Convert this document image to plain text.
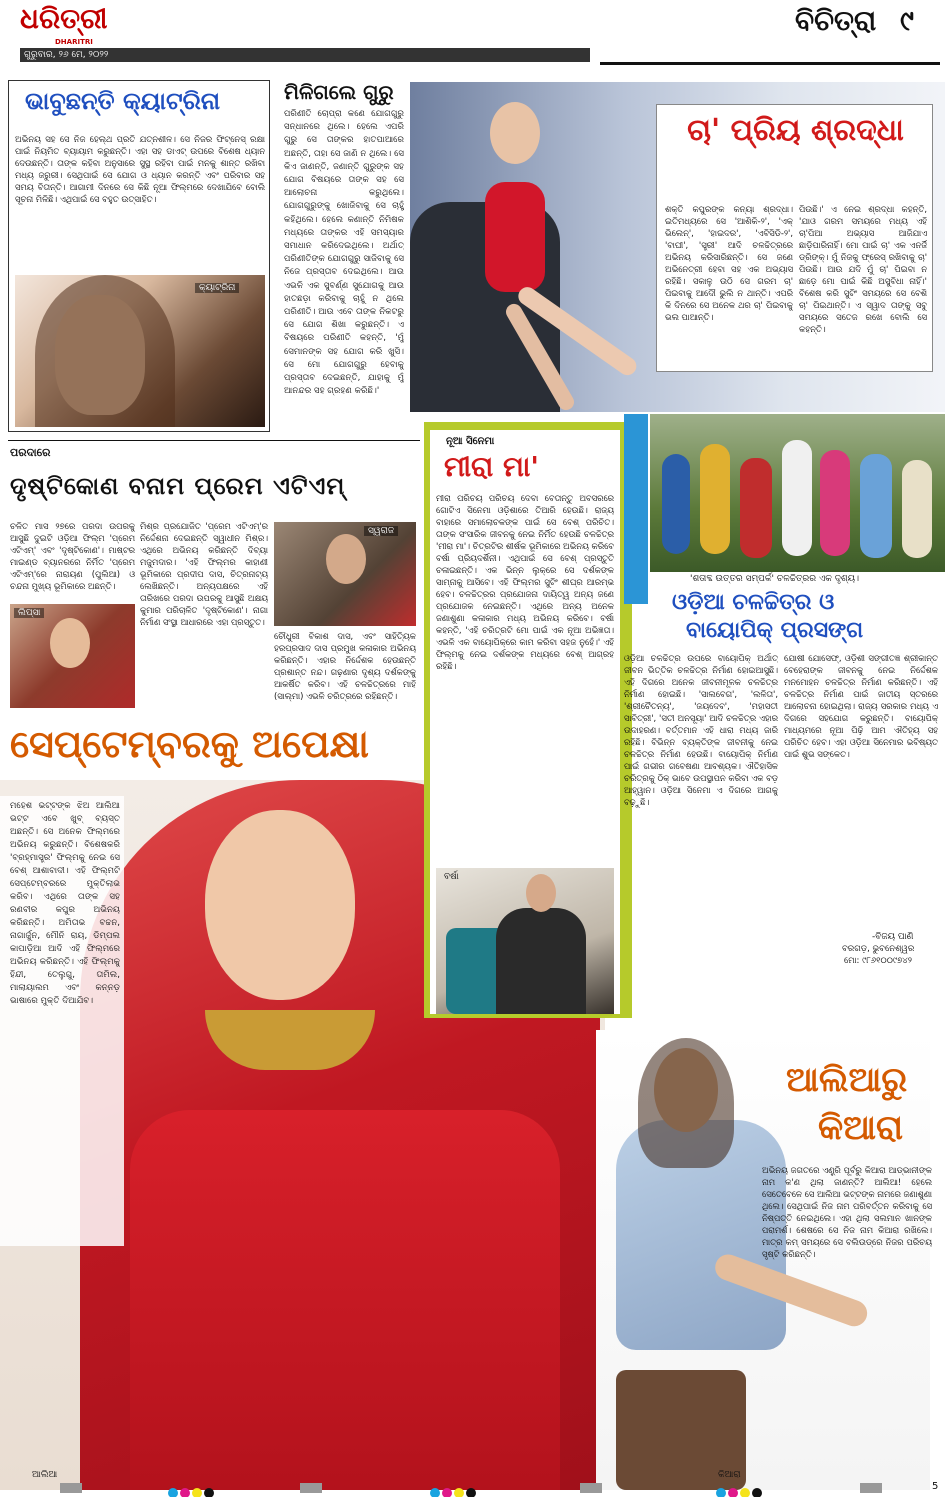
ଧରିତ୍ରୀ
DHARITRI
ଗୁରୁବାର, ୨୬ ମେ, ୨୦୨୨
ବିଚିତ୍ରା ୯
ଭାବୁଛନ୍ତି କ୍ୟାଟ୍ରିନା
ଅଭିନୟ ସହ ସେ ନିଜ ହେଲ୍ଥ ପ୍ରତି ଯତ୍ନଶୀଳ। ସେ ନିଜର ଫିଟ୍ନେସ୍ ରକ୍ଷା ପାଇଁ ନିୟମିତ ବ୍ୟାୟାମ କରୁଛନ୍ତି। ଏହା ସହ ଡାଏଟ୍ ଉପରେ ବିଶେଷ ଧ୍ୟାନ ଦେଉଛନ୍ତି। ତାଙ୍କ କହିବା ଅନୁସାରେ ସୁସ୍ଥ ରହିବା ପାଇଁ ମନକୁ ଶାନ୍ତ ରଖିବା ମଧ୍ୟ ଜରୁରୀ। ସେଥିପାଇଁ ସେ ଯୋଗ ଓ ଧ୍ୟାନ କରନ୍ତି ଏବଂ ପରିବାର ସହ ସମୟ ବିତାନ୍ତି। ଆଗାମୀ ଦିନରେ ସେ କିଛି ନୂଆ ଫିଲ୍ମରେ ଦେଖାଯିବେ ବୋଲି ସୂଚନା ମିଳିଛି। ଏଥିପାଇଁ ସେ ବହୁତ ଉତ୍ସାହିତ।
କ୍ୟାଟ୍ରିନା
ମିଳିଗଲେ ଗୁରୁ
ପରିଣୀତି ଚୋପ୍ରା କଣେ ଯୋଗଗୁରୁ ସନ୍ଧାନରେ ଥିଲେ। ହେଲେ ଏପରି ଗୁରୁ ସେ ତାଙ୍କର ହାତପାଆରେ ଅଛନ୍ତି, ତାହା ସେ ଜାଣି ନ ଥିଲେ। ସେ କିଏ ଜାଣନ୍ତି, ଜଣାନ୍ତି ଗୁରୁଙ୍କ ସହ ଯୋଗ ବିଷୟରେ ତାଙ୍କ ସହ ସେ ଆଲୋଚନା କରୁଥିଲେ। ଯୋଗଗୁରୁଙ୍କୁ ଖୋଜିବାକୁ ସେ ଚାହୁଁ କହିଥିଲେ। ହେଲେ କଣାନ୍ତି ନିମିଷକ ମଧ୍ୟରେ ତାଙ୍କର ଏହି ସମସ୍ୟାର ସମାଧାନ କରିଦେଇଥିଲେ। ଅର୍ଥାତ୍ ପରିଣୀତିଙ୍କ ଯୋଗଗୁରୁ ସାଜିବାକୁ ସେ ନିଜେ ପ୍ରସ୍ତାବ ଦେଇଥିଲେ। ଆଉ ଏଭଳି ଏକ ସୁବର୍ଣ୍ଣ ସୁଯୋଗକୁ ଆଉ ହାତଛଡ଼ା କରିବାକୁ ଚାହୁଁ ନ ଥିଲେ ପରିଣୀତି। ଆଉ ଏବେ ତାଙ୍କ ନିକଟରୁ ସେ ଯୋଗ ଶିଖା କରୁଛନ୍ତି। ଏ ବିଷୟରେ ପରିଣୀତି କହନ୍ତି, 'ମୁଁ ସେମାନଙ୍କ ସହ ଯୋଗ କରି ଖୁସି। ସେ ମୋ ଯୋଗଗୁରୁ ହେବାକୁ ପ୍ରସ୍ତାବ ଦେଇଛନ୍ତି, ଯାହାକୁ ମୁଁ ଆନନ୍ଦର ସହ ଗ୍ରହଣ କରିଛି।'
ଚା' ପ୍ରିୟ ଶ୍ରଦ୍ଧା
ଶକ୍ତି କପୁରଙ୍କ କନ୍ୟା ଶ୍ରଦ୍ଧା। ଇତିମଧ୍ୟରେ ସେ 'ଆଶିକି-୨', 'ଏକ୍ ଭିଲେନ୍', 'ହାଇଦର', 'ଏବିସିଡି-୨', 'ବାଘୀ', 'ସ୍ତ୍ରୀ' ଆଦି ଚଳଚ୍ଚିତ୍ରରେ ଅଭିନୟ କରିସାରିଛନ୍ତି। ସେ ଜଣେ ଅଭିନେତ୍ରୀ ହେବା ସହ ଏକ ଅଭ୍ୟାସ ରହିଛି। ସକାଳୁ ଉଠି ସେ ଗରମ ଚା' ପିଇବାକୁ ଆଦୌ ଭୁଲି ନ ଥାନ୍ତି। ଏପରି କି ଦିନରେ ସେ ଅନେକ ଥର ଚା' ପିଇବାକୁ ଭଲ ପାଆନ୍ତି।
ପିଉଛି।' ଏ ନେଇ ଶ୍ରଦ୍ଧା କହନ୍ତି, 'ଯାଓ ଗରମ ସମୟରେ ମଧ୍ୟ ଏହି ଚା'ପିଆ ଅଭ୍ୟାସ ଆଜିଯାଏ ଛାଡ଼ିପାରିନାହିଁ। ମୋ ପାଇଁ ଚା' ଏକ ଏନର୍ଜି ଡ୍ରିଙ୍କ୍। ମୁଁ ନିଜକୁ ଫ୍ରେସ୍ ରଖିବାକୁ ଚା' ପିଉଛି। ଆଉ ଯଦି ମୁଁ ଚା' ପିଇବା ନ ଛାଡ଼େ ମୋ ପାଇଁ କିଛି ଅସୁବିଧା ନାହିଁ।' ବିଶେଷ କରି ସୁଟିଂ ସମୟରେ ସେ ବେଶି ଚା' ପିଇଥାନ୍ତି। ଏ ସ୍ୱାଦ ତାଙ୍କୁ ସବୁ ସମୟରେ ସତେଜ ରଖେ ବୋଲି ସେ କହନ୍ତି।
ପରଦାରେ
ଦୃଷ୍ଟିକୋଣ ବନାମ ପ୍ରେମ ଏଟିଏମ୍
ଚଳିତ ମାସ ୨୭ରେ ପରଦା ଉପରକୁ ଆସୁଛି ଦୁଇଟି ଓଡ଼ିଆ ଫିଲ୍ମ 'ପ୍ରେମ ଏଟିଏମ୍' ଏବଂ 'ଦୃଷ୍ଟିକୋଣ'। ମାଷ୍ଟର ମାଇଣ୍ଡ ବ୍ୟାନରରେ ନିର୍ମିତ 'ପ୍ରେମ ଏଟିଏମ୍'ରେ ନାରାୟଣ (ପୁଲିଆ) ଓ ଚନ୍ଦନା ମୁଖ୍ୟ ଭୂମିକାରେ ଅଛନ୍ତି।
ଲିପ୍ସା
ମିଶ୍ର ପ୍ରଯୋଜିତ 'ପ୍ରେମ ଏଟିଏମ୍'ର ନିର୍ଦ୍ଦେଶନା ଦେଇଛନ୍ତି ସ୍ୱାଧୀନ ମିଶ୍ର। ଏଥିରେ ଅଭିନୟ କରିଛନ୍ତି ଦିବ୍ୟା ମଜୁମଦାର। 'ଏହି ଫିଲ୍ମର କାହାଣୀ ଭୂମିକାରେ ପ୍ରଦୀପ ଦାସ, ଚିତ୍ରନାଟ୍ୟ ଲେଖିଛନ୍ତି। ଅନ୍ୟପକ୍ଷରେ ଏହି ତାରିଖରେ ପରଦା ଉପରକୁ ଆସୁଛି ଅକ୍ଷୟ କୁମାର ପରିଚାଳିତ 'ଦୃଷ୍ଟିକୋଣ'। ନାଗା ନିର୍ମାଣ ସଂସ୍ଥା ଆଧାରରେ ଏହା ପ୍ରସ୍ତୁତ।
ସ୍ୱରାଜ
ଚୌଧୁରୀ ବିକାଶ ଦାସ, ଏବଂ ସାହିତ୍ୟିକ ହରପ୍ରସାଦ ଦାସ ପ୍ରମୁଖ କଳାକାର ଅଭିନୟ କରିଛନ୍ତି। ଏହାର ନିର୍ଦ୍ଦେଶକ ହେଉଛନ୍ତି ପ୍ରଶାନ୍ତ ନନ୍ଦ। ଗଢ଼ଣାର ଦୃଶ୍ୟ ଦର୍ଶକଙ୍କୁ ଆକର୍ଷିତ କରିବ। ଏହି ଚଳଚ୍ଚିତ୍ରରେ ମାହି (ସାଲ୍ମା) ଏଭଳି ଚରିତ୍ରରେ ରହିଛନ୍ତି।
ସେପ୍ଟେମ୍ବରକୁ ଅପେକ୍ଷା
ଆଲିଆ
ମହେଶ ଭଟ୍ଟଙ୍କ ଝିଅ ଆଲିଆ ଭଟ୍ଟ ଏବେ ଖୁବ୍ ବ୍ୟସ୍ତ ଅଛନ୍ତି। ସେ ଅନେକ ଫିଲ୍ମରେ ଅଭିନୟ କରୁଛନ୍ତି। ବିଶେଷକରି 'ବ୍ରହ୍ମାସ୍ତ୍ର' ଫିଲ୍ମକୁ ନେଇ ସେ ବେଶ୍ ଆଶାବାଦୀ। ଏହି ଫିଲ୍ମଟି ସେପ୍ଟେମ୍ବରରେ ମୁକ୍ତିଲାଭ କରିବ। ଏଥିରେ ତାଙ୍କ ସହ ରଣବୀର କପୁର ଅଭିନୟ କରିଛନ୍ତି। ଅମିତାଭ ବଚ୍ଚନ, ନାଗାର୍ଜୁନ, ମୌନି ରାୟ, ଡିମ୍ପଲ କାପାଡ଼ିଆ ଆଦି ଏହି ଫିଲ୍ମରେ ଅଭିନୟ କରିଛନ୍ତି। ଏହି ଫିଲ୍ମକୁ ହିନ୍ଦୀ, ତେଲୁଗୁ, ତାମିଲ, ମାଲାୟାଲମ ଏବଂ କନ୍ନଡ଼ ଭାଷାରେ ମୁକ୍ତି ଦିଆଯିବ।
ନୂଆ ସିନେମା
ମୀରା ମା'
ମୀରା ପରିଚୟ ପରିଚୟ ଦେବା ବେତାନ୍ତୁ ଅବସରରେ ଗୋଟିଏ ସିନେମା ଓଡ଼ିଶାରେ ତିଆରି ହେଉଛି। ରାଜ୍ୟ ବାହାରେ ସମାଲୋଚକଙ୍କ ପାଇଁ ସେ ବେଶ୍ ପରିଚିତ। ତାଙ୍କ ସଂସାରିକ ଜୀବନକୁ ନେଇ ନିର୍ମିତ ହେଉଛି ଚଳଚ୍ଚିତ୍ର 'ମୀରା ମା'। ଚିତ୍ରଟିର ଶୀର୍ଷକ ଭୂମିକାରେ ଅଭିନୟ କରିବେ ବର୍ଷା ପ୍ରିୟଦର୍ଶିନୀ। ଏଥିପାଇଁ ସେ ବେଶ୍ ପ୍ରସ୍ତୁତି ଚଳାଇଛନ୍ତି। ଏକ ଭିନ୍ନ ଲୁକ୍‌ରେ ସେ ଦର୍ଶକଙ୍କ ସାମ୍ନାକୁ ଆସିବେ। ଏହି ଫିଲ୍ମର ସୁଟିଂ ଶୀଘ୍ର ଆରମ୍ଭ ହେବ। ଚଳଚ୍ଚିତ୍ରର ପ୍ରଯୋଜନା ଦାୟିତ୍ୱ ଅନ୍ୟ ଜଣେ ପ୍ରଯୋଜକ ନେଇଛନ୍ତି। ଏଥିରେ ଅନ୍ୟ ଅନେକ ଜଣାଶୁଣା କଳାକାର ମଧ୍ୟ ଅଭିନୟ କରିବେ। ବର୍ଷା କହନ୍ତି, 'ଏହି ଚରିତ୍ରଟି ମୋ ପାଇଁ ଏକ ନୂଆ ଅଭିଜ୍ଞତା। ଏଭଳି ଏକ ବାୟୋପିକ୍‌ରେ କାମ କରିବା ସହଜ ନୁହେଁ।' ଏହି ଫିଲ୍ମକୁ ନେଇ ଦର୍ଶକଙ୍କ ମଧ୍ୟରେ ବେଶ୍ ଆଗ୍ରହ ରହିଛି।
ବର୍ଷା
'ଶତାବ୍ଦ ଉତ୍ତର ସମ୍ପର୍କ' ଚଳଚ୍ଚିତ୍ରର ଏକ ଦୃଶ୍ୟ।
ଓଡ଼ିଆ ଚଳଚ୍ଚିତ୍ର ଓ
ବାୟୋପିକ୍ ପ୍ରସଙ୍ଗ
ଓଡ଼ିଆ ଚଳଚ୍ଚିତ୍ର ଉପରେ ବାୟୋପିକ୍ ଅର୍ଥାତ୍ ଜୀବନ ଭିତ୍ତିକ ଚଳଚ୍ଚିତ୍ର ନିର୍ମାଣ ହୋଇଆସୁଛି। ଏହି ଦିଗରେ ଅନେକ ଜୀବନୀମୂଳକ ଚଳଚ୍ଚିତ୍ର ନିର୍ମାଣ ହୋଇଛି। 'ସାଲବେଗ', 'ଲଳିତା', 'ଶ୍ରୀଚୈତନ୍ୟ', 'ଜୟଦେବ', 'ମହାସତୀ ସାବିତ୍ରୀ', 'ସତୀ ଅନସୂୟା' ଆଦି ଚଳଚ୍ଚିତ୍ର ଏହାର ଉଦାହରଣ। ବର୍ତ୍ତମାନ ଏହି ଧାରା ମଧ୍ୟ ଜାରି ରହିଛି। ବିଭିନ୍ନ ବ୍ୟକ୍ତିଙ୍କ ଜୀବନୀକୁ ନେଇ ଚଳଚ୍ଚିତ୍ର ନିର୍ମାଣ ହେଉଛି। ବାୟୋପିକ୍ ନିର୍ମାଣ ପାଇଁ ଗଭୀର ଗବେଷଣା ଆବଶ୍ୟକ। ଐତିହାସିକ ଚରିତ୍ରକୁ ଠିକ୍ ଭାବେ ଉପସ୍ଥାପନ କରିବା ଏକ ବଡ଼ ଆହ୍ୱାନ। ଓଡ଼ିଆ ସିନେମା ଏ ଦିଗରେ ଆଗକୁ ବଢ଼ୁଛି।
ଯୋଷୀ ଯୋସେଫ୍, ଓଡ଼ିଶୀ ସଙ୍ଗୀତଜ୍ଞ ଶ୍ରୀକାନ୍ତ ବେହେରାଙ୍କ ଜୀବନକୁ ନେଇ ନିର୍ଦ୍ଦେଶକ ମନମୋହନ ଚଳଚ୍ଚିତ୍ର ନିର୍ମାଣ କରିଛନ୍ତି। ଏହି ଚଳଚ୍ଚିତ୍ର ନିର୍ମାଣ ପାଇଁ ଜାତୀୟ ସ୍ତରରେ ଆଲୋଚନା ହୋଇଥିଲା। ରାଜ୍ୟ ସରକାର ମଧ୍ୟ ଏ ଦିଗରେ ସହଯୋଗ କରୁଛନ୍ତି। ବାୟୋପିକ୍ ମାଧ୍ୟମରେ ନୂଆ ପିଢ଼ି ଆମ ଐତିହ୍ୟ ସହ ପରିଚିତ ହେବ। ଏହା ଓଡ଼ିଆ ସିନେମାର ଭବିଷ୍ୟତ ପାଇଁ ଶୁଭ ସଙ୍କେତ।
-ବିଜୟ ପାଣି
ବରଗଡ଼, ଭୁବନେଶ୍ୱର
ମୋ: ୯୮୬୧୦୦୯୭୪୨
କିଆରା
ଆଲିଆରୁ
କିଆରା
ଅଭିନୟ ଜଗତରେ ଏଣ୍ଟ୍ରି ପୂର୍ବରୁ କିଆରା ଆଡ୍ଭାନୀଙ୍କ ନାମ କ'ଣ ଥିଲା ଜାଣନ୍ତି? ଆଲିଆ! ହେଲେ ସେତେବେଳେ ସେ ଆଲିଆ ଭଟ୍ଟଙ୍କ ନାମରେ ଜଣାଶୁଣା ଥିଲେ। ସେଥିପାଇଁ ନିଜ ନାମ ପରିବର୍ତ୍ତନ କରିବାକୁ ସେ ନିଷ୍ପତ୍ତି ନେଇଥିଲେ। ଏହା ଥିଲା ସଲମାନ ଖାନଙ୍କ ପରାମର୍ଶ। ଶେଷରେ ସେ ନିଜ ନାମ କିଆରା ରଖିଲେ। ମାତ୍ର କମ୍ ସମୟରେ ସେ ବଲିଉଡ୍‌ରେ ନିଜର ପରିଚୟ ସୃଷ୍ଟି କରିଛନ୍ତି।
5
